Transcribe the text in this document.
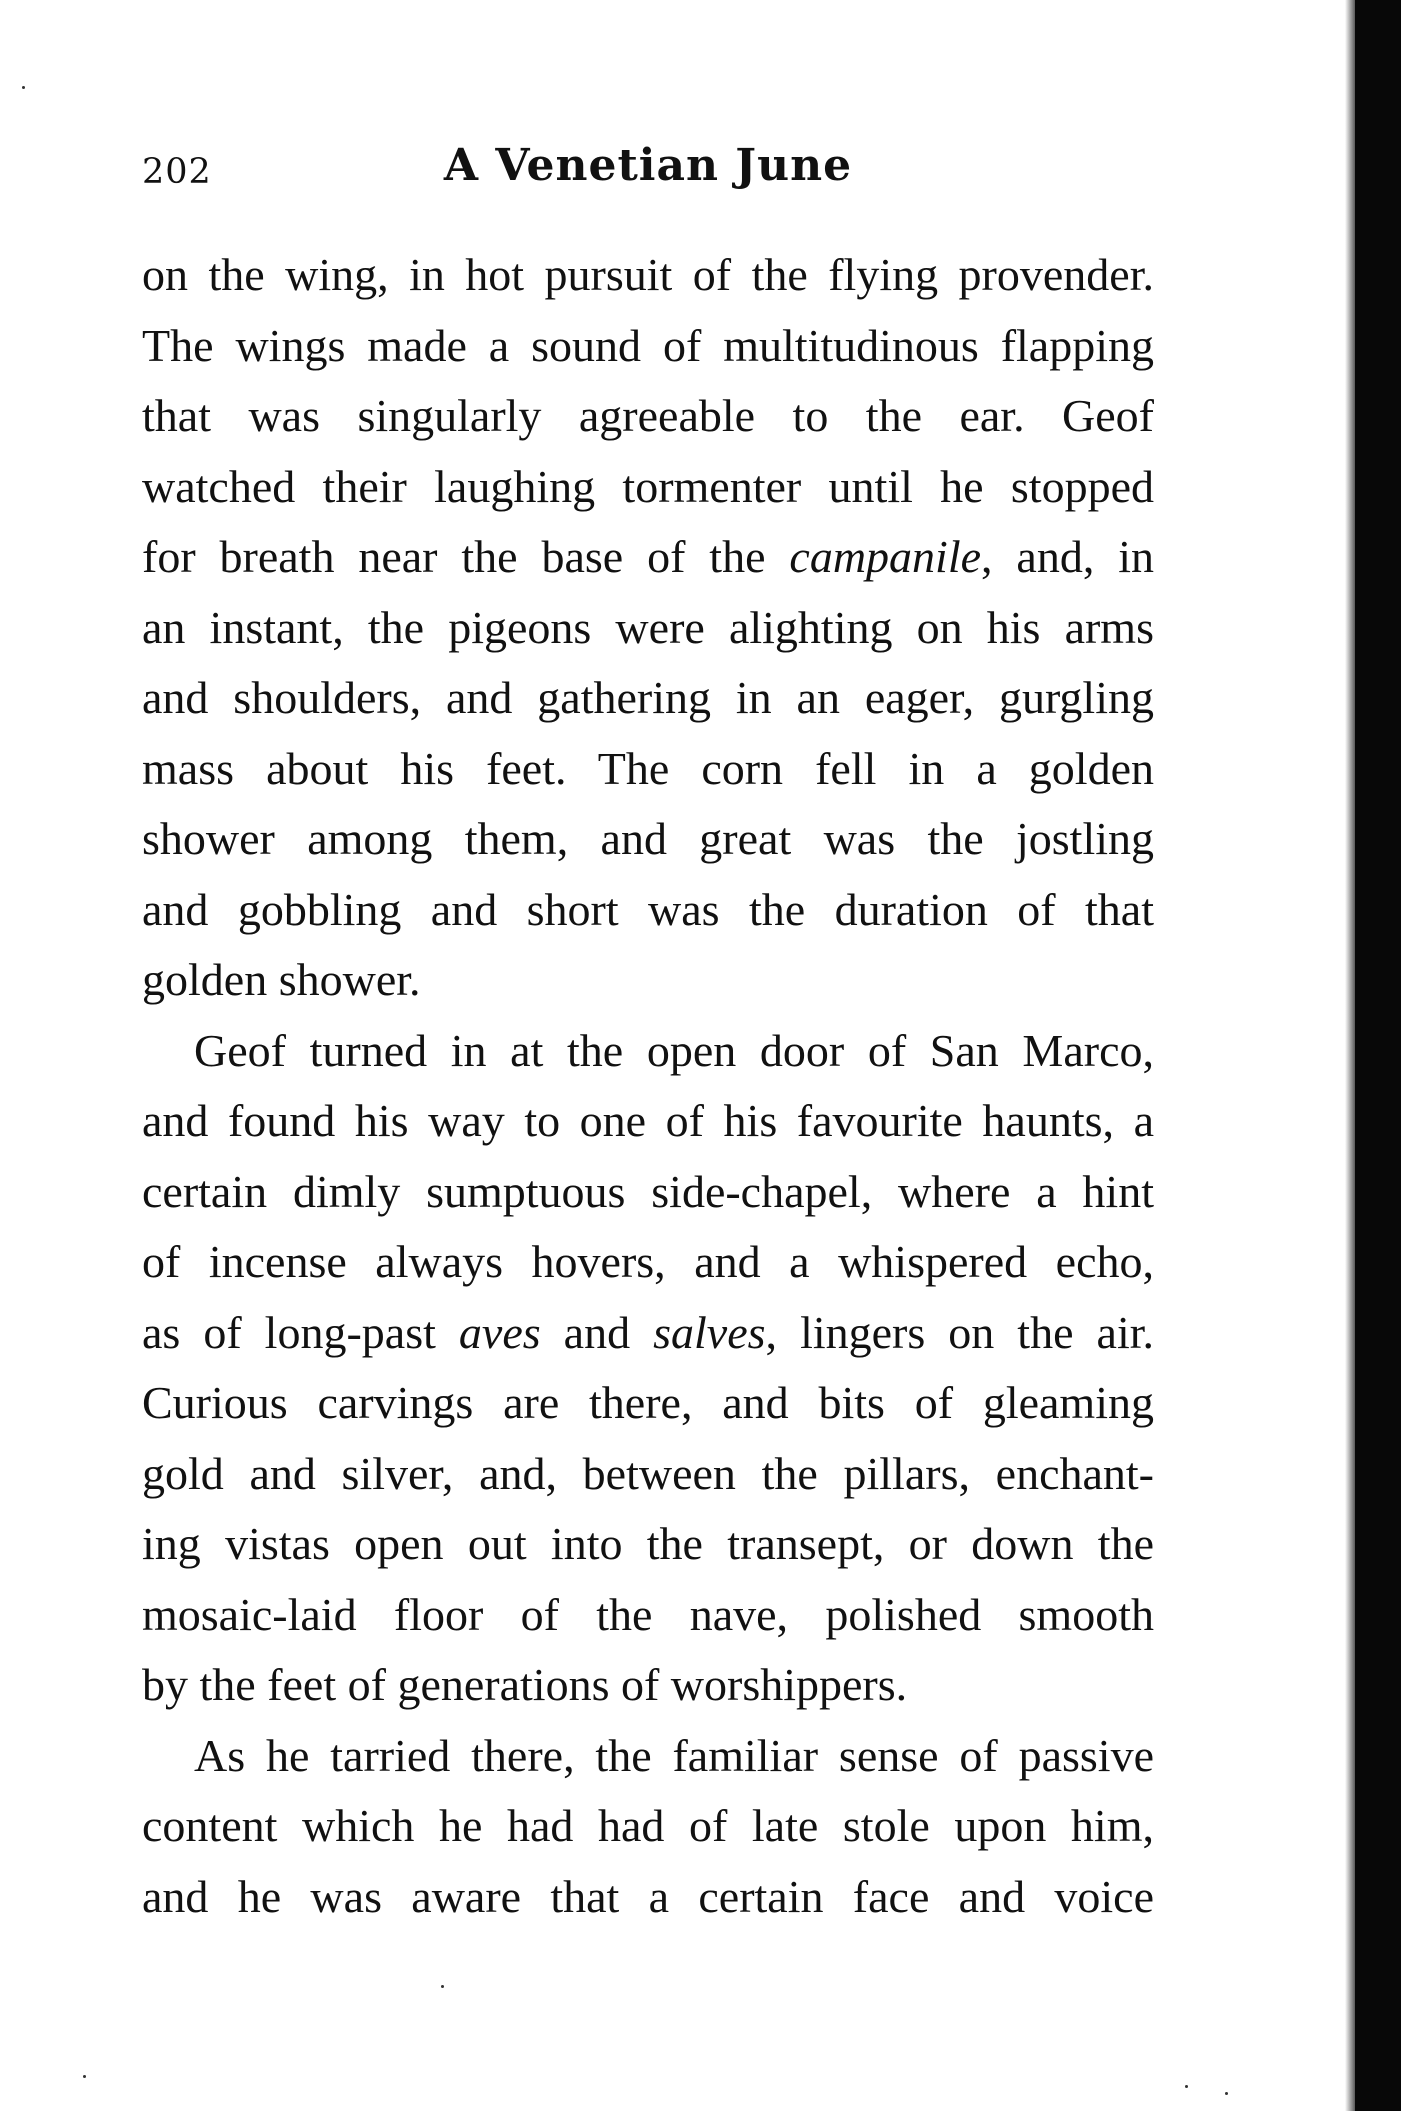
202	A Venetian June
on the wing, in hot pursuit of the flying provender.
The wings made a sound of multitudinous flapping
that was singularly agreeable to the ear. Geof
watched their laughing tormenter until he stopped
for breath near the base of the campanile, and, in
an instant, the pigeons were alighting on his arms
and shoulders, and gathering in an eager, gurgling
mass about his feet. The corn fell in a golden
shower among them, and great was the jostling
and gobbling and short was the duration of that
golden shower.
Geof turned in at the open door of San Marco,
and found his way to one of his favourite haunts, a
certain dimly sumptuous side-chapel, where a hint
of incense always hovers, and a whispered echo,
as of long-past aves and salves, lingers on the air.
Curious carvings are there, and bits of gleaming
gold and silver, and, between the pillars, enchant-
ing vistas open out into the transept, or down the
mosaic-laid floor of the nave, polished smooth
by the feet of generations of worshippers.
As he tarried there, the familiar sense of passive
content which he had had of late stole upon him,
and he was aware that a certain face and voice
